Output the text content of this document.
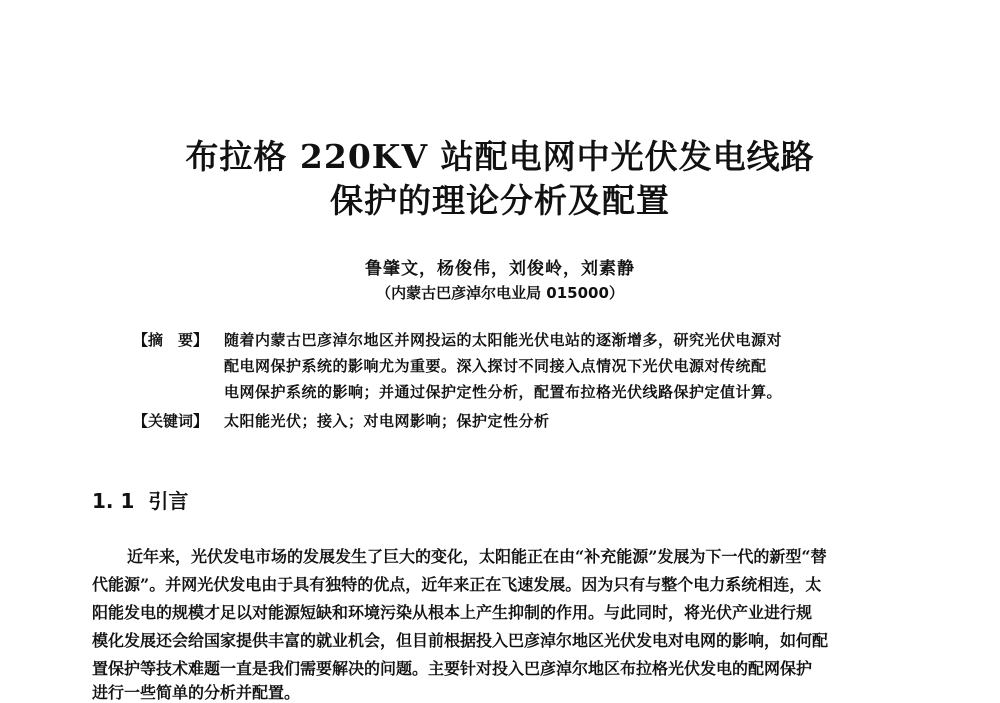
布拉格 220KV 站配电网中光伏发电线路
保护的理论分析及配置
鲁肇文，杨俊伟，刘俊岭，刘素静
（内蒙古巴彦淖尔电业局 015000）
【摘　要】 随着内蒙古巴彦淖尔地区并网投运的太阳能光伏电站的逐渐增多，研究光伏电源对
配电网保护系统的影响尤为重要。深入探讨不同接入点情况下光伏电源对传统配
电网保护系统的影响；并通过保护定性分析，配置布拉格光伏线路保护定值计算。
【关键词】 太阳能光伏；接入；对电网影响；保护定性分析
1. 1 引言
近年来，光伏发电市场的发展发生了巨大的变化，太阳能正在由“补充能源”发展为下一代的新型“替
代能源”。并网光伏发电由于具有独特的优点，近年来正在飞速发展。因为只有与整个电力系统相连，太
阳能发电的规模才足以对能源短缺和环境污染从根本上产生抑制的作用。与此同时，将光伏产业进行规
模化发展还会给国家提供丰富的就业机会，但目前根据投入巴彦淖尔地区光伏发电对电网的影响，如何配
置保护等技术难题一直是我们需要解决的问题。主要针对投入巴彦淖尔地区布拉格光伏发电的配网保护
进行一些简单的分析并配置。
